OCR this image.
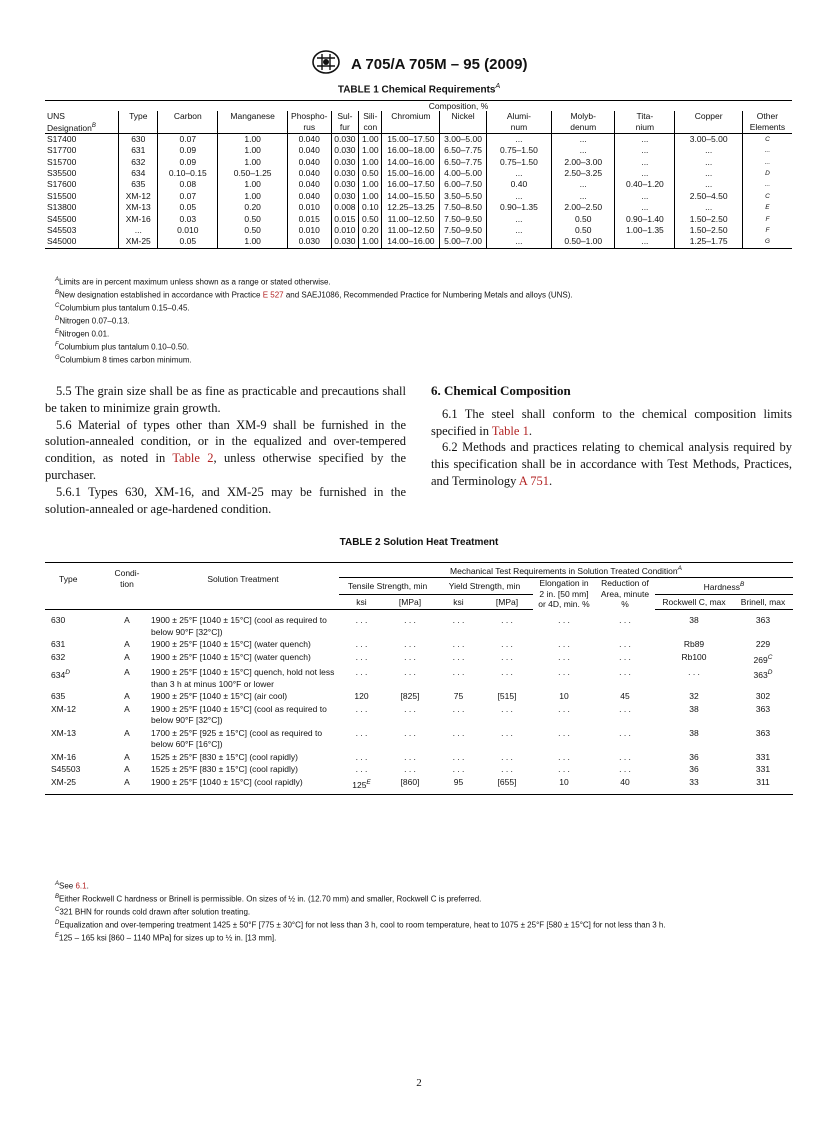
A 705/A 705M – 95 (2009)
TABLE 1 Chemical Requirements$^A$
						Composition, %							
UNS	Type	Carbon	Manganese	Phospho-	Sul-	Sili-	Chromium	Nickel	Alumi-	Molyb-	Tita-	Copper	Other
Designation$^B$				rus	fur	con			num	denum	nium		Elements
S17400	630	0.07	1.00	0.040	0.030	1.00	15.00–17.50	3.00–5.00	...	...	...	3.00–5.00	C
S17700	631	0.09	1.00	0.040	0.030	1.00	16.00–18.00	6.50–7.75	0.75–1.50	...	...	...	...
S15700	632	0.09	1.00	0.040	0.030	1.00	14.00–16.00	6.50–7.75	0.75–1.50	2.00–3.00	...	...	...
S35500	634	0.10–0.15	0.50–1.25	0.040	0.030	0.50	15.00–16.00	4.00–5.00	...	2.50–3.25	...	...	D
S17600	635	0.08	1.00	0.040	0.030	1.00	16.00–17.50	6.00–7.50	0.40	...	0.40–1.20	...	...
S15500	XM-12	0.07	1.00	0.040	0.030	1.00	14.00–15.50	3.50–5.50	...	...	...	2.50–4.50	C
S13800	XM-13	0.05	0.20	0.010	0.008	0.10	12.25–13.25	7.50–8.50	0.90–1.35	2.00–2.50	...	...	E
S45500	XM-16	0.03	0.50	0.015	0.015	0.50	11.00–12.50	7.50–9.50	...	0.50	0.90–1.40	1.50–2.50	F
S45503	...	0.010	0.50	0.010	0.010	0.20	11.00–12.50	7.50–9.50	...	0.50	1.00–1.35	1.50–2.50	F
S45000	XM-25	0.05	1.00	0.030	0.030	1.00	14.00–16.00	5.00–7.00	...	0.50–1.00	...	1.25–1.75	G

$^A$Limits are in percent maximum unless shown as a range or stated otherwise.

$^B$New designation established in accordance with Practice E 527 and SAEJ1086, Recommended Practice for Numbering Metals and alloys (UNS).

$^C$Columbium plus tantalum 0.15–0.45.

$^D$Nitrogen 0.07–0.13.

$^E$Nitrogen 0.01.

$^F$Columbium plus tantalum 0.10–0.50.

$^G$Columbium 8 times carbon minimum.

5.5 The grain size shall be as fine as practicable and precautions shall be taken to minimize grain growth.

5.6 Material of types other than XM-9 shall be furnished in the solution-annealed condition, or in the equalized and over-tempered condition, as noted in Table 2, unless otherwise specified by the purchaser.

5.6.1 Types 630, XM-16, and XM-25 may be furnished in the solution-annealed or age-hardened condition.

6. Chemical Composition

6.1 The steel shall conform to the chemical composition limits specified in Table 1.

6.2 Methods and practices relating to chemical analysis required by this specification shall be in accordance with Test Methods, Practices, and Terminology A 751.

TABLE 2 Solution Heat Treatment
Type	Condi-
tion	Solution Treatment	Mechanical Test Requirements in Solution Treated Condition$^A$
			Tensile Strength, min		Yield Strength, min		Elongation in 2 in. [50 mm] or 4D, min. %	Reduction of Area, minute %	Hardness$^B$
			ksi	[MPa]	ksi	[MPa]			Rockwell C, max	Brinell, max
630	A	1900 ± 25°F [1040 ± 15°C] (cool as required to below 90°F [32°C])	. . .	. . .	. . .	. . .	. . .	. . .	38	363
631	A	1900 ± 25°F [1040 ± 15°C] (water quench)	. . .	. . .	. . .	. . .	. . .	. . .	Rb89	229
632	A	1900 ± 25°F [1040 ± 15°C] (water quench)	. . .	. . .	. . .	. . .	. . .	. . .	Rb100	$269^C$
$634^D$	A	1900 ± 25°F [1040 ± 15°C] quench, hold not less than 3 h at minus 100°F or lower	. . .	. . .	. . .	. . .	. . .	. . .	. . .	$363^D$
635	A	1900 ± 25°F [1040 ± 15°C] (air cool)	120	[825]	75	[515]	10	45	32	302
XM-12	A	1900 ± 25°F [1040 ± 15°C] (cool as required to below 90°F [32°C])	. . .	. . .	. . .	. . .	. . .	. . .	38	363
XM-13	A	1700 ± 25°F [925 ± 15°C] (cool as required to below 60°F [16°C])	. . .	. . .	. . .	. . .	. . .	. . .	38	363
XM-16	A	1525 ± 25°F [830 ± 15°C] (cool rapidly)	. . .	. . .	. . .	. . .	. . .	. . .	36	331
S45503	A	1525 ± 25°F [830 ± 15°C] (cool rapidly)	. . .	. . .	. . .	. . .	. . .	. . .	36	331
XM-25	A	1900 ± 25°F [1040 ± 15°C] (cool rapidly)	$125^E$	[860]	95	[655]	10	40	33	311

$^A$See 6.1.

$^B$Either Rockwell C hardness or Brinell is permissible. On sizes of ½ in. (12.70 mm) and smaller, Rockwell C is preferred.

$^C$321 BHN for rounds cold drawn after solution treating.

$^D$Equalization and over-tempering treatment 1425 ± 50°F [775 ± 30°C] for not less than 3 h, cool to room temperature, heat to 1075 ± 25°F [580 ± 15°C] for not less than 3 h.

$^E$125 – 165 ksi [860 – 1140 MPa] for sizes up to ½ in. [13 mm].

2
